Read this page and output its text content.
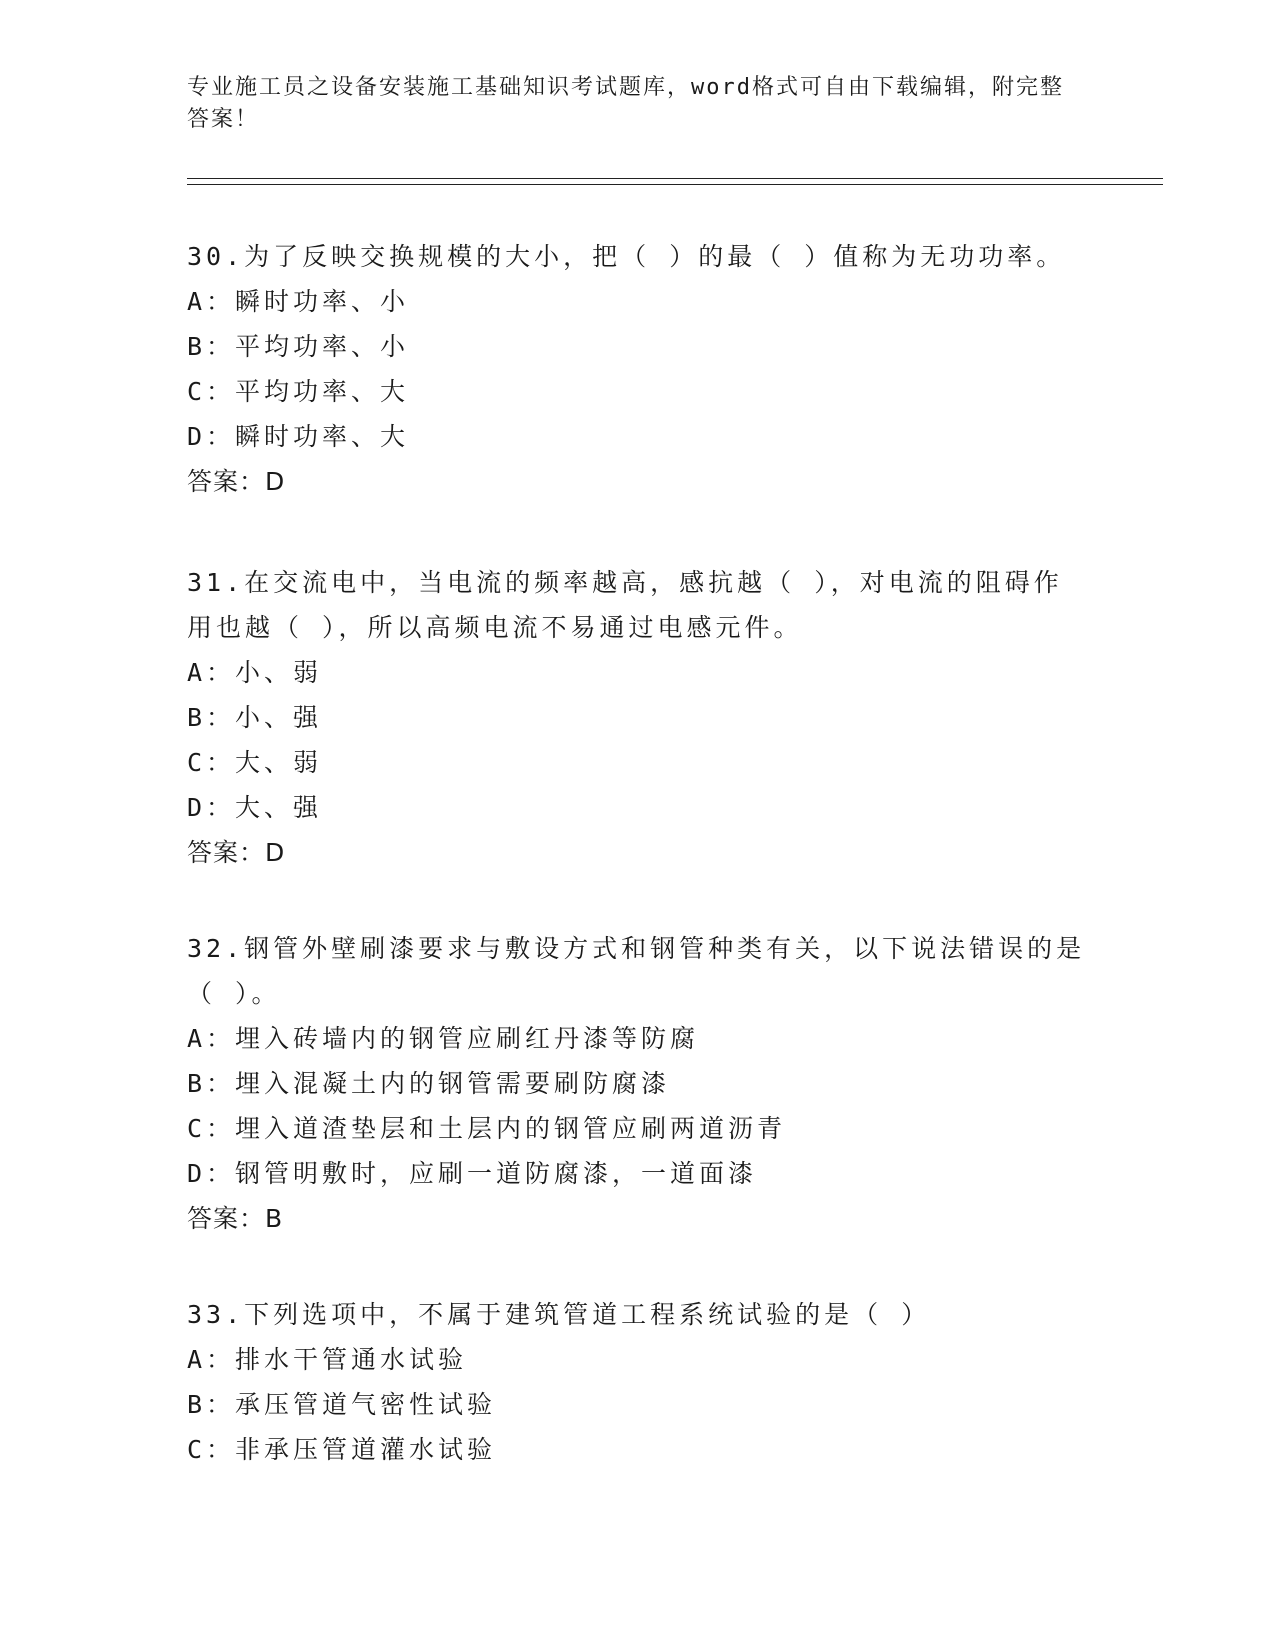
专业施工员之设备安装施工基础知识考试题库，word格式可自由下载编辑，附完整答案！

30.为了反映交换规模的大小，把（ ）的最（ ）值称为无功功率。

A：瞬时功率、小

B：平均功率、小

C：平均功率、大

D：瞬时功率、大

答案：D

31.在交流电中，当电流的频率越高，感抗越（ ），对电流的阻碍作用也越（ ），所以高频电流不易通过电感元件。

A：小、弱

B：小、强

C：大、弱

D：大、强

答案：D

32.钢管外壁刷漆要求与敷设方式和钢管种类有关，以下说法错误的是（ ）。

A：埋入砖墙内的钢管应刷红丹漆等防腐

B：埋入混凝土内的钢管需要刷防腐漆

C：埋入道渣垫层和土层内的钢管应刷两道沥青

D：钢管明敷时，应刷一道防腐漆，一道面漆

答案：B

33.下列选项中，不属于建筑管道工程系统试验的是（ ）

A：排水干管通水试验

B：承压管道气密性试验

C：非承压管道灌水试验
